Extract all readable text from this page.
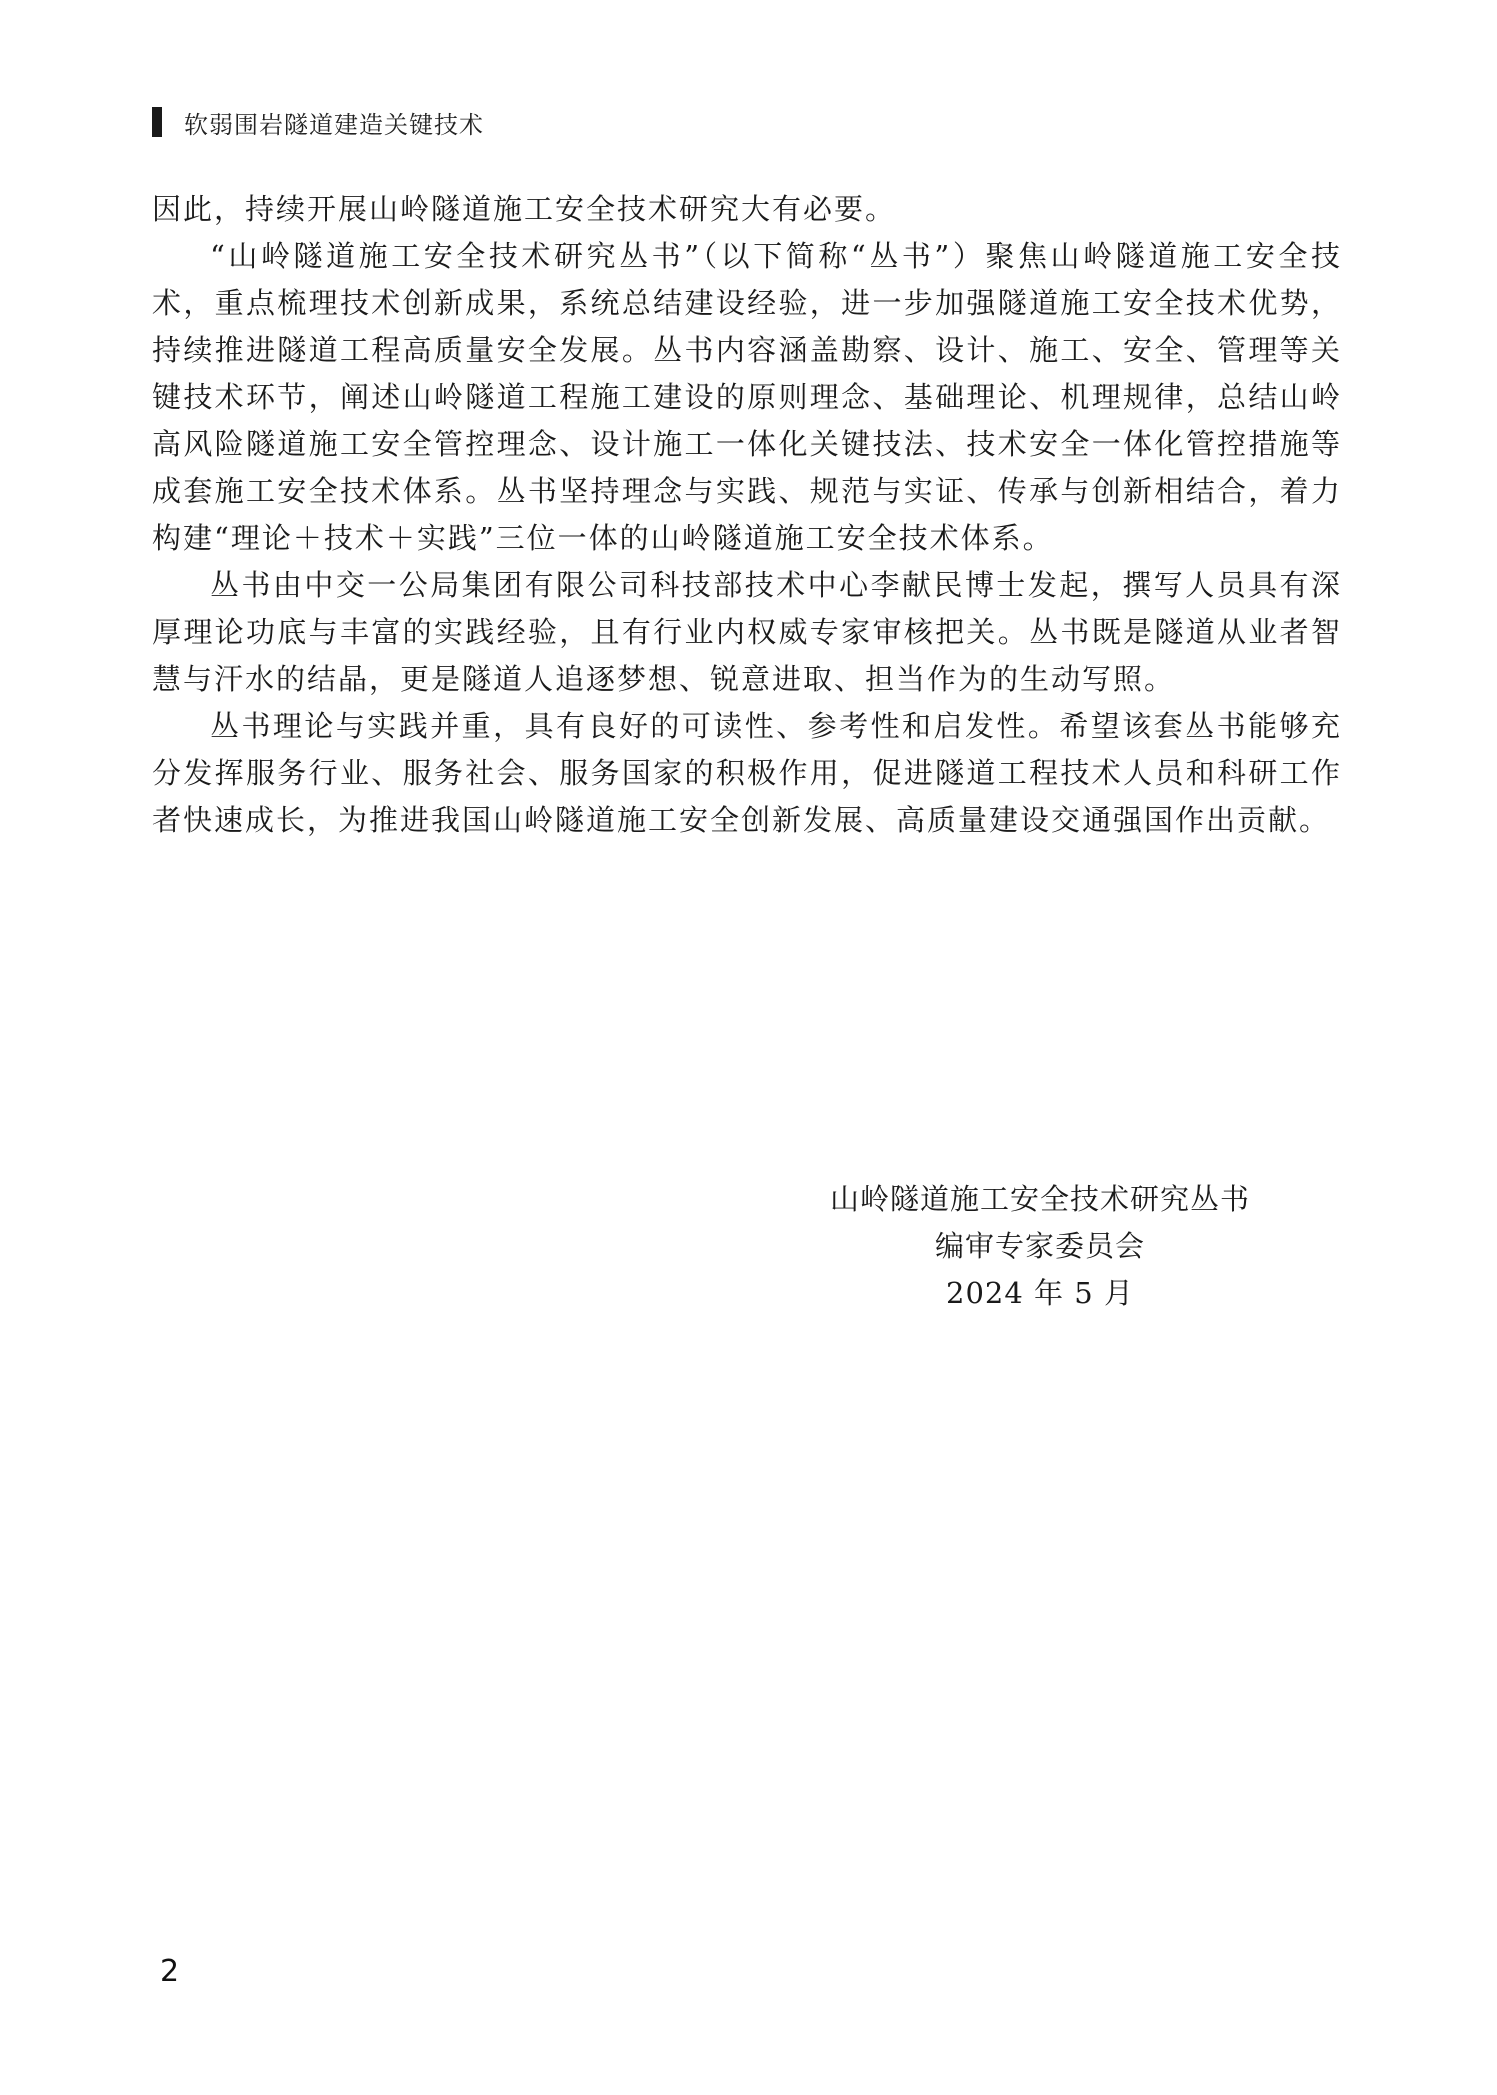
软弱围岩隧道建造关键技术

因此，持续开展山岭隧道施工安全技术研究大有必要。

“山岭隧道施工安全技术研究丛书”（以下简称“丛书”）聚焦山岭隧道施工安全技术，重点梳理技术创新成果，系统总结建设经验，进一步加强隧道施工安全技术优势，持续推进隧道工程高质量安全发展。丛书内容涵盖勘察、设计、施工、安全、管理等关键技术环节，阐述山岭隧道工程施工建设的原则理念、基础理论、机理规律，总结山岭高风险隧道施工安全管控理念、设计施工一体化关键技法、技术安全一体化管控措施等成套施工安全技术体系。丛书坚持理念与实践、规范与实证、传承与创新相结合，着力构建“理论＋技术＋实践”三位一体的山岭隧道施工安全技术体系。

丛书由中交一公局集团有限公司科技部技术中心李献民博士发起，撰写人员具有深厚理论功底与丰富的实践经验，且有行业内权威专家审核把关。丛书既是隧道从业者智慧与汗水的结晶，更是隧道人追逐梦想、锐意进取、担当作为的生动写照。

丛书理论与实践并重，具有良好的可读性、参考性和启发性。希望该套丛书能够充分发挥服务行业、服务社会、服务国家的积极作用，促进隧道工程技术人员和科研工作者快速成长，为推进我国山岭隧道施工安全创新发展、高质量建设交通强国作出贡献。

山岭隧道施工安全技术研究丛书
编审专家委员会
2024 年 5 月
2
